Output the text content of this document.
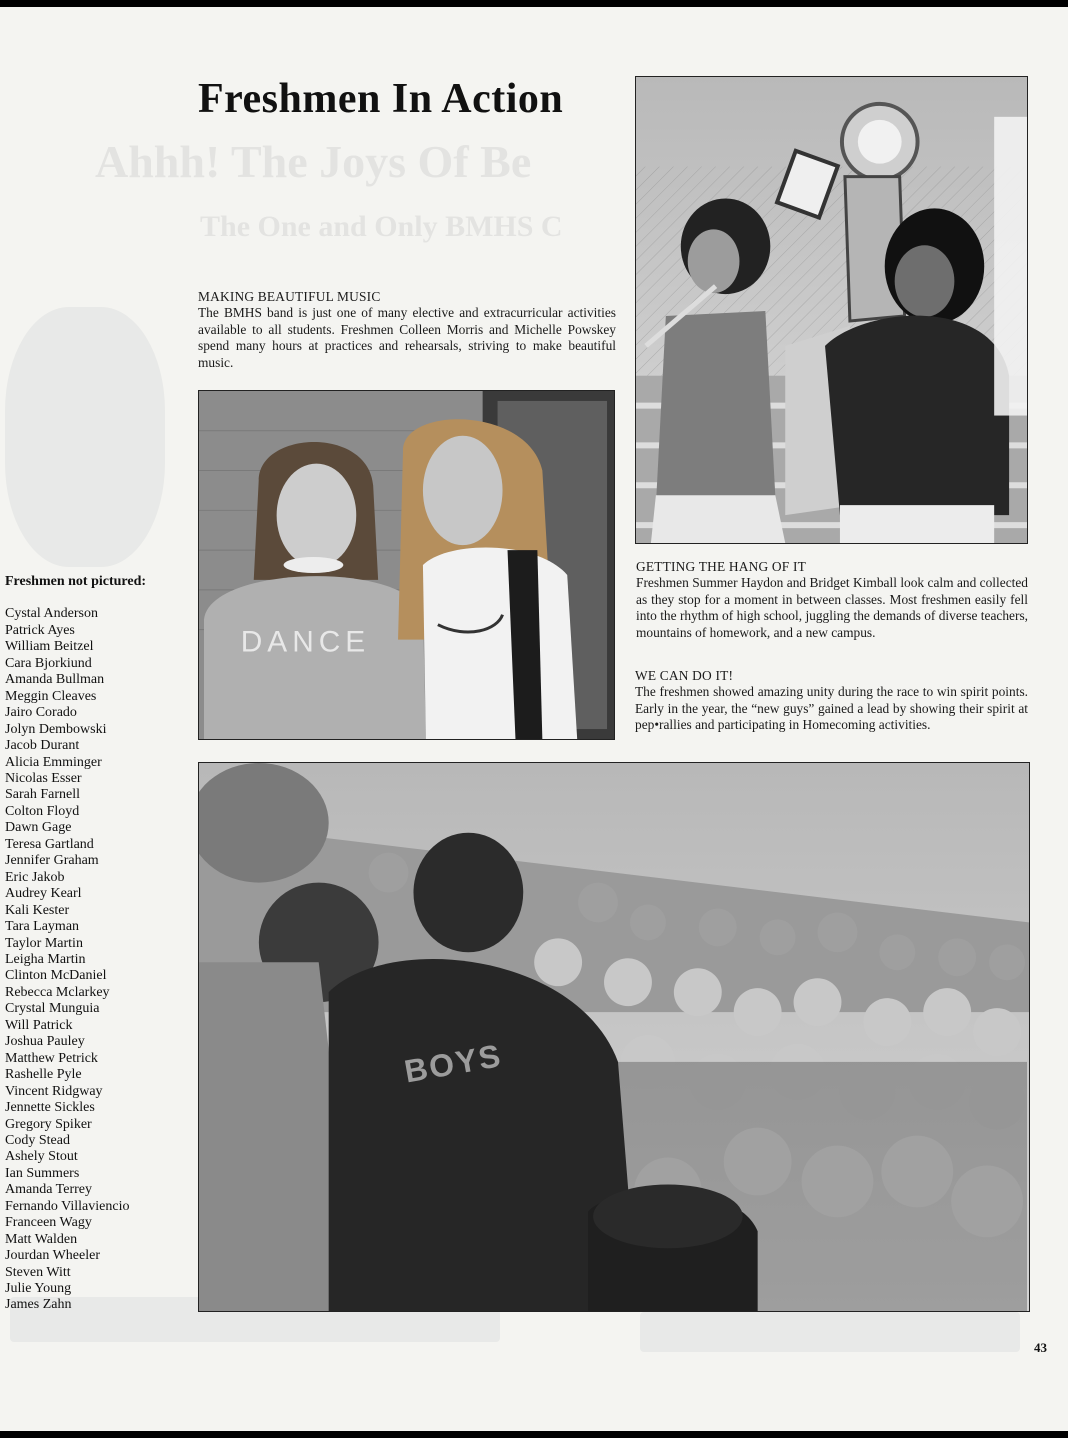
Ahhh! The Joys Of Be
The One and Only BMHS C
Freshmen In Action
MAKING BEAUTIFUL MUSIC
The BMHS band is just one of many elective and extracurricular activities available to all students. Freshmen Colleen Morris and Michelle Powskey spend many hours at practices and rehearsals, striving to make beautiful music.
DANCE
GETTING THE HANG OF IT
Freshmen Summer Haydon and Bridget Kimball look calm and collected as they stop for a moment in between classes. Most freshmen easily fell into the rhythm of high school, juggling the demands of diverse teachers, mountains of homework, and a new campus.
WE CAN DO IT!
The freshmen showed amazing unity during the race to win spirit points. Early in the year, the “new guys” gained a lead by showing their spirit at pep•rallies and participating in Homecoming activities.
BOYS
Freshmen not pictured:
Cystal Anderson
Patrick Ayes
William Beitzel
Cara Bjorkiund
Amanda Bullman
Meggin Cleaves
Jairo Corado
Jolyn Dembowski
Jacob Durant
Alicia Emminger
Nicolas Esser
Sarah Farnell
Colton Floyd
Dawn Gage
Teresa Gartland
Jennifer Graham
Eric Jakob
Audrey Kearl
Kali Kester
Tara Layman
Taylor Martin
Leigha Martin
Clinton McDaniel
Rebecca Mclarkey
Crystal Munguia
Will Patrick
Joshua Pauley
Matthew Petrick
Rashelle Pyle
Vincent Ridgway
Jennette Sickles
Gregory Spiker
Cody Stead
Ashely Stout
Ian Summers
Amanda Terrey
Fernando Villaviencio
Franceen Wagy
Matt Walden
Jourdan Wheeler
Steven Witt
Julie Young
James Zahn
43
